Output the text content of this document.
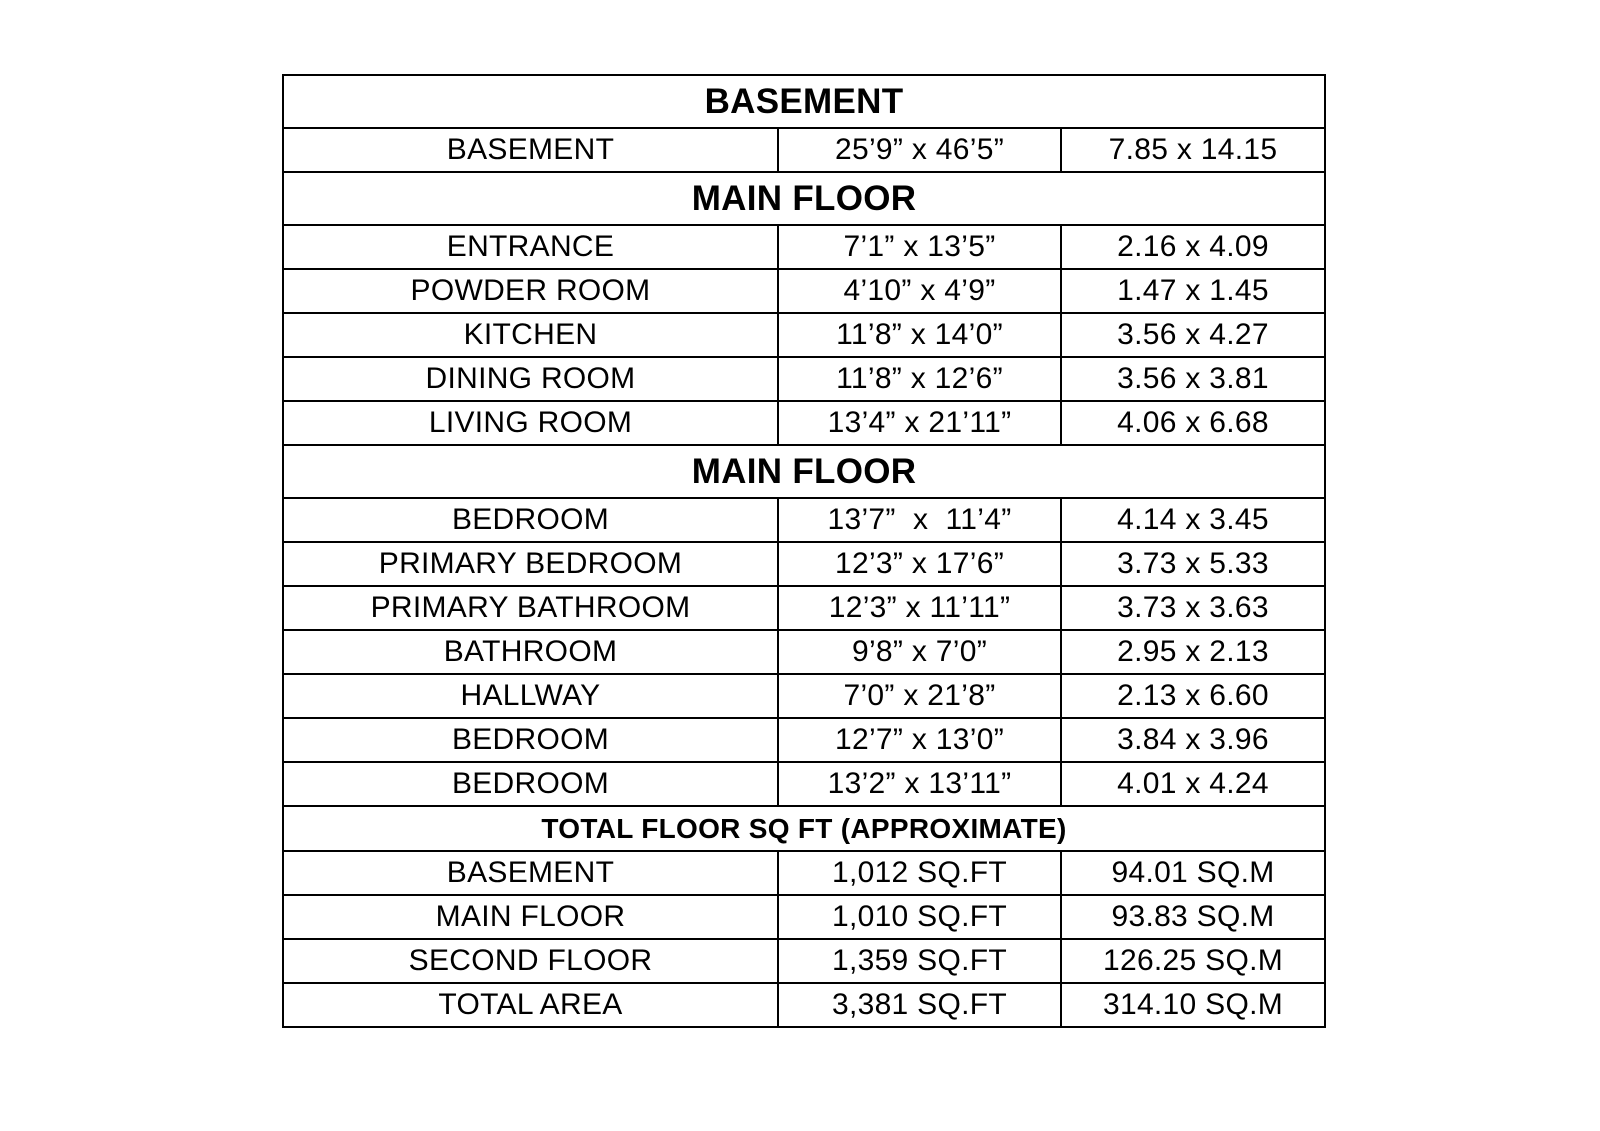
BASEMENT		
BASEMENT	25’9” x 46’5”	7.85 x 14.15
MAIN FLOOR		
ENTRANCE	7’1” x 13’5”	2.16 x 4.09
POWDER ROOM	4’10” x 4’9”	1.47 x 1.45
KITCHEN	11’8” x 14’0”	3.56 x 4.27
DINING ROOM	11’8” x 12’6”	3.56 x 3.81
LIVING ROOM	13’4” x 21’11”	4.06 x 6.68
MAIN FLOOR		
BEDROOM	13’7”  x  11’4”	4.14 x 3.45
PRIMARY BEDROOM	12’3” x 17’6”	3.73 x 5.33
PRIMARY BATHROOM	12’3” x 11’11”	3.73 x 3.63
BATHROOM	9’8” x 7’0”	2.95 x 2.13
HALLWAY	7’0” x 21’8”	2.13 x 6.60
BEDROOM	12’7” x 13’0”	3.84 x 3.96
BEDROOM	13’2” x 13’11”	4.01 x 4.24
TOTAL FLOOR SQ FT (APPROXIMATE)		
BASEMENT	1,012 SQ.FT	94.01 SQ.M
MAIN FLOOR	1,010 SQ.FT	93.83 SQ.M
SECOND FLOOR	1,359 SQ.FT	126.25 SQ.M
TOTAL AREA	3,381 SQ.FT	314.10 SQ.M
